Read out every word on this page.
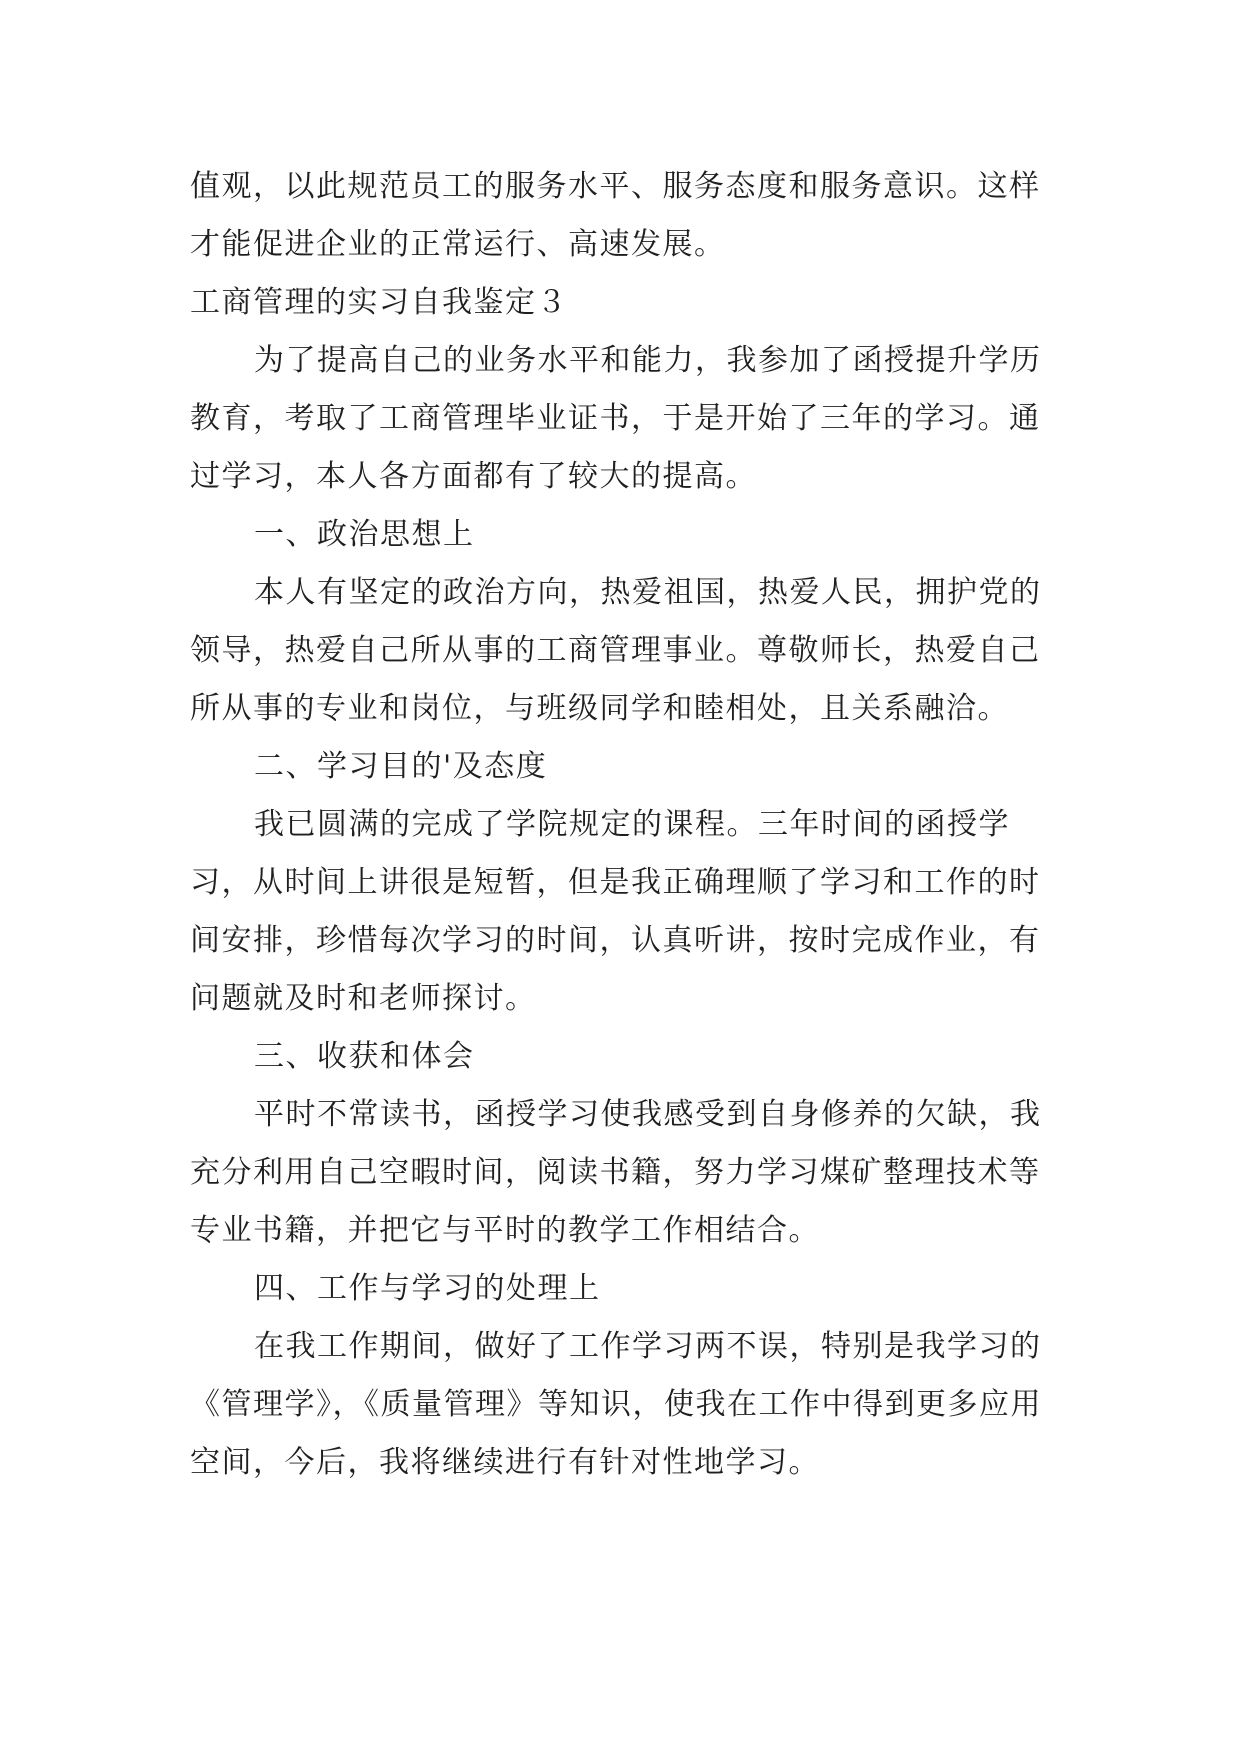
值观，以此规范员工的服务水平、服务态度和服务意识。这样才能促进企业的正常运行、高速发展。

工商管理的实习自我鉴定３

为了提高自己的业务水平和能力，我参加了函授提升学历教育，考取了工商管理毕业证书，于是开始了三年的学习。通过学习，本人各方面都有了较大的提高。

一、政治思想上

本人有坚定的政治方向，热爱祖国，热爱人民，拥护党的领导，热爱自己所从事的工商管理事业。尊敬师长，热爱自己所从事的专业和岗位，与班级同学和睦相处，且关系融洽。

二、学习目的'及态度

我已圆满的完成了学院规定的课程。三年时间的函授学习，从时间上讲很是短暂，但是我正确理顺了学习和工作的时间安排，珍惜每次学习的时间，认真听讲，按时完成作业，有问题就及时和老师探讨。

三、收获和体会

平时不常读书，函授学习使我感受到自身修养的欠缺，我充分利用自己空暇时间，阅读书籍，努力学习煤矿整理技术等专业书籍，并把它与平时的教学工作相结合。

四、工作与学习的处理上

在我工作期间，做好了工作学习两不误，特别是我学习的《管理学》，《质量管理》等知识，使我在工作中得到更多应用空间，今后，我将继续进行有针对性地学习。
